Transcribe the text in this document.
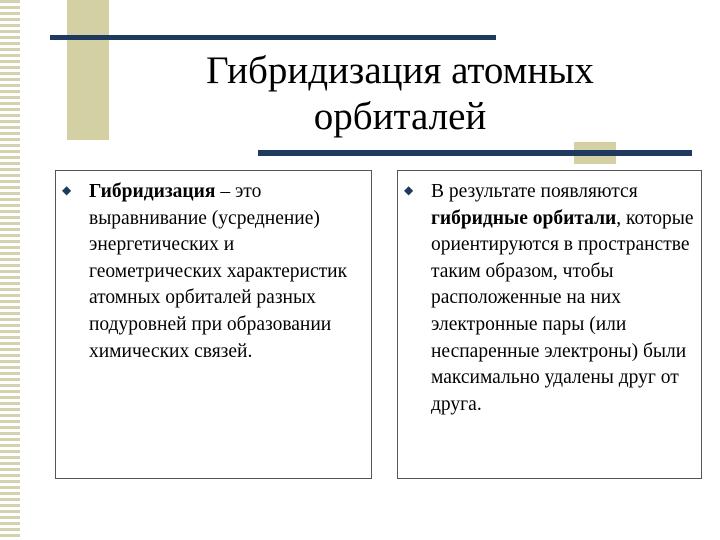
Гибридизация атомных
орбиталей
◆ Гибридизация – это выравнивание (усреднение) энергетических и геометрических характеристик атомных орбиталей разных подуровней при образовании химических связей.
◆ В результате появляются гибридные орбитали, которые ориентируются в пространстве таким образом, чтобы расположенные на них электронные пары (или неспаренные электроны) были максимально удалены друг от друга.
